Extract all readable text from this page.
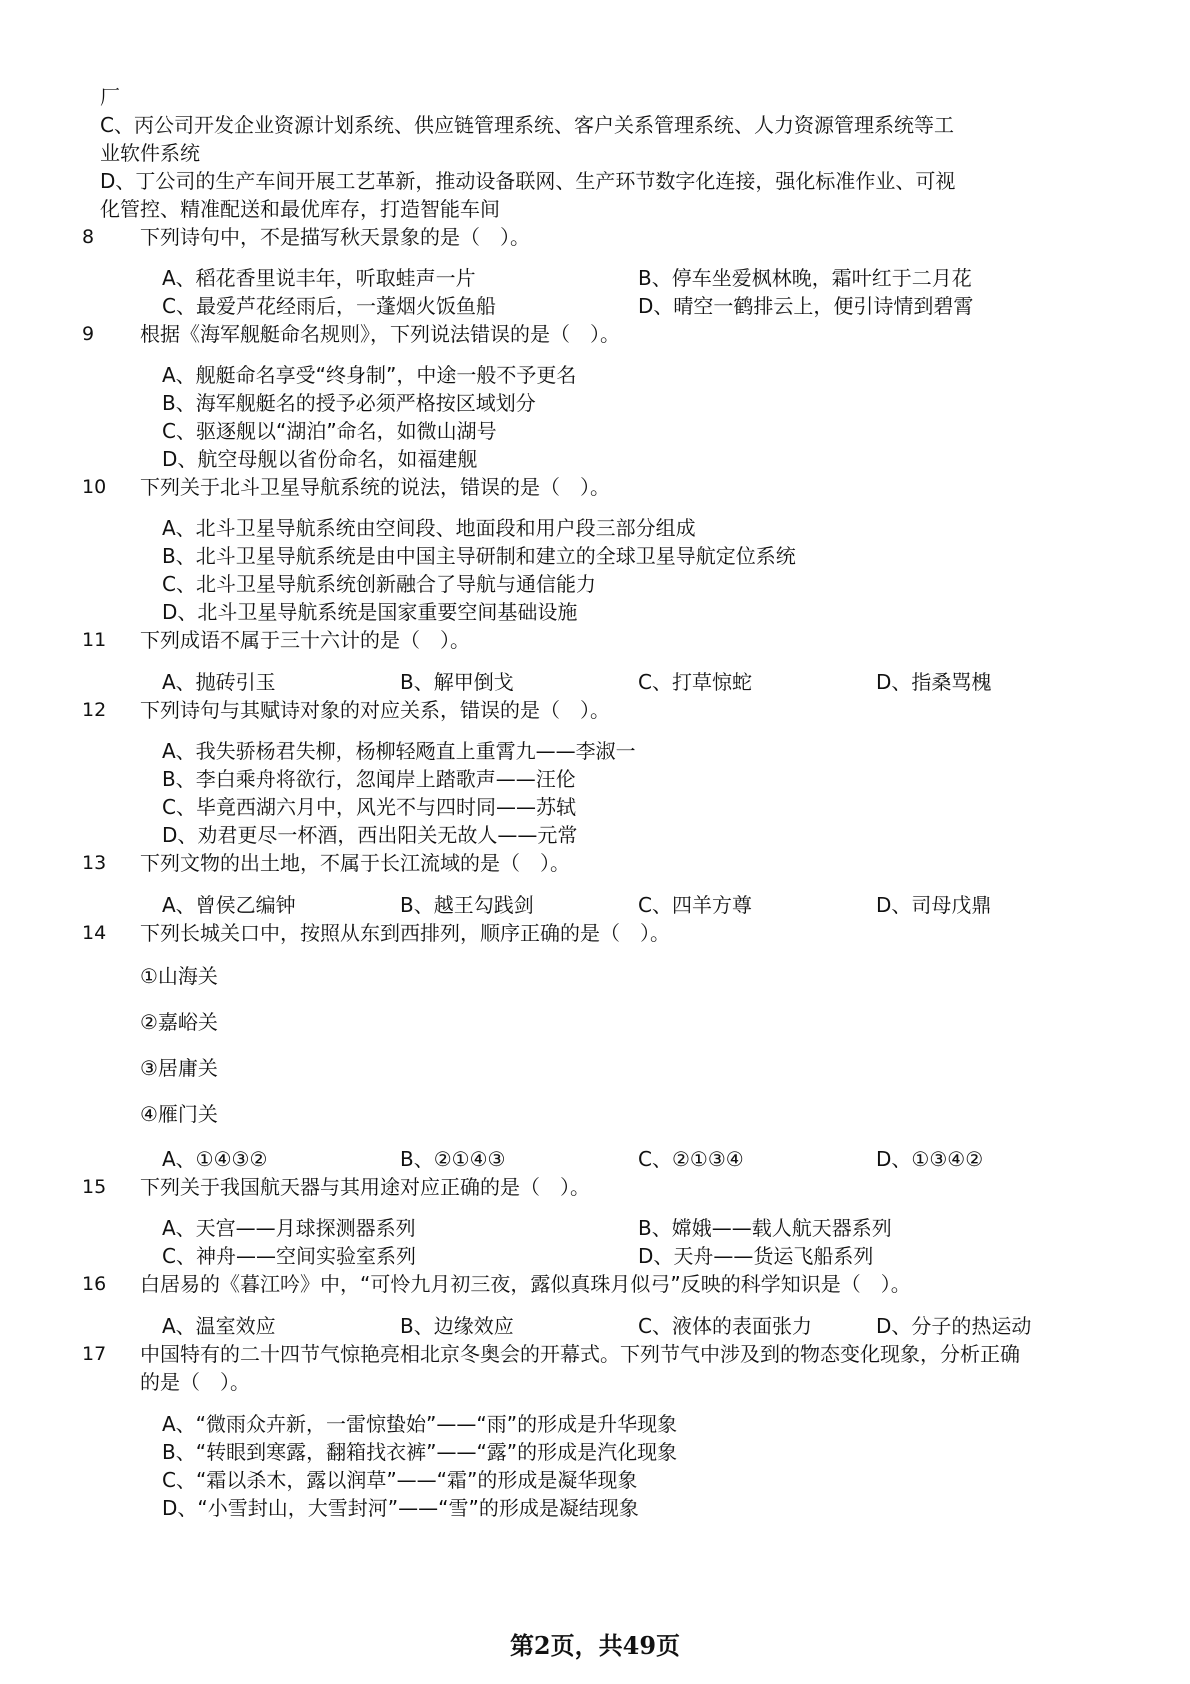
厂
C、丙公司开发企业资源计划系统、供应链管理系统、客户关系管理系统、人力资源管理系统等工
业软件系统
D、丁公司的生产车间开展工艺革新，推动设备联网、生产环节数字化连接，强化标准作业、可视
化管控、精准配送和最优库存，打造智能车间
8 下列诗句中，不是描写秋天景象的是（　）。
A、稻花香里说丰年，听取蛙声一片	B、停车坐爱枫林晚，霜叶红于二月花
C、最爱芦花经雨后，一蓬烟火饭鱼船	D、晴空一鹤排云上，便引诗情到碧霄
9 根据《海军舰艇命名规则》，下列说法错误的是（　）。
A、舰艇命名享受“终身制”，中途一般不予更名
B、海军舰艇名的授予必须严格按区域划分
C、驱逐舰以“湖泊”命名，如微山湖号
D、航空母舰以省份命名，如福建舰
10 下列关于北斗卫星导航系统的说法，错误的是（　）。
A、北斗卫星导航系统由空间段、地面段和用户段三部分组成
B、北斗卫星导航系统是由中国主导研制和建立的全球卫星导航定位系统
C、北斗卫星导航系统创新融合了导航与通信能力
D、北斗卫星导航系统是国家重要空间基础设施
11 下列成语不属于三十六计的是（　）。
A、抛砖引玉	B、解甲倒戈	C、打草惊蛇	D、指桑骂槐
12 下列诗句与其赋诗对象的对应关系，错误的是（　）。
A、我失骄杨君失柳，杨柳轻飏直上重霄九——李淑一
B、李白乘舟将欲行，忽闻岸上踏歌声——汪伦
C、毕竟西湖六月中，风光不与四时同——苏轼
D、劝君更尽一杯酒，西出阳关无故人——元常
13 下列文物的出土地，不属于长江流域的是（　）。
A、曾侯乙编钟	B、越王勾践剑	C、四羊方尊	D、司母戊鼎
14 下列长城关口中，按照从东到西排列，顺序正确的是（　）。
①山海关
②嘉峪关
③居庸关
④雁门关
A、①④③②	B、②①④③	C、②①③④	D、①③④②
15 下列关于我国航天器与其用途对应正确的是（　）。
A、天宫——月球探测器系列	B、嫦娥——载人航天器系列
C、神舟——空间实验室系列	D、天舟——货运飞船系列
16 白居易的《暮江吟》中，“可怜九月初三夜，露似真珠月似弓”反映的科学知识是（　）。
A、温室效应	B、边缘效应	C、液体的表面张力	D、分子的热运动
17 中国特有的二十四节气惊艳亮相北京冬奥会的开幕式。下列节气中涉及到的物态变化现象，分析正确
的是（　）。
A、“微雨众卉新，一雷惊蛰始”——“雨”的形成是升华现象
B、“转眼到寒露，翻箱找衣裤”——“露”的形成是汽化现象
C、“霜以杀木，露以润草”——“霜”的形成是凝华现象
D、“小雪封山，大雪封河”——“雪”的形成是凝结现象
第2页，共49页
